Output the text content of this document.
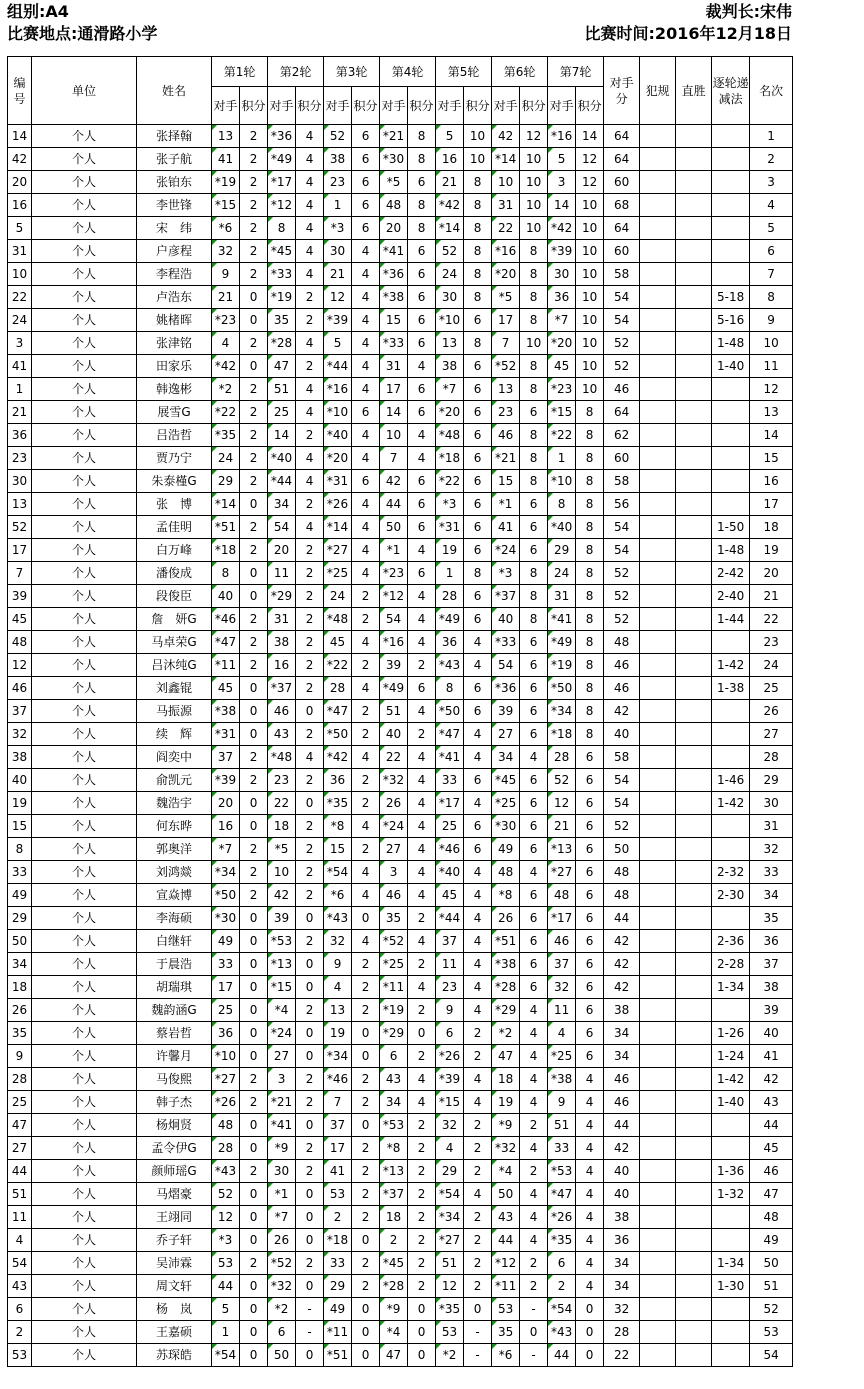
组别:A4	裁判长:宋伟
比赛地点:通滑路小学	比赛时间:2016年12月18日
编号	单位	姓名	第1轮		第2轮		第3轮		第4轮		第5轮		第6轮		第7轮		对手分	犯规	直胜	逐轮递减法	名次
			对手	积分	对手	积分	对手	积分	对手	积分	对手	积分	对手	积分	对手	积分					
14	个人	张择翰	13	2	*36	4	52	6	*21	8	5	10	42	12	*16	14	64				1
42	个人	张子航	41	2	*49	4	38	6	*30	8	16	10	*14	10	5	12	64				2
20	个人	张铂东	*19	2	*17	4	23	6	*5	6	21	8	10	10	3	12	60				3
16	个人	李世锋	*15	2	*12	4	1	6	48	8	*42	8	31	10	14	10	68				4
5	个人	宋　纬	*6	2	8	4	*3	6	20	8	*14	8	22	10	*42	10	64				5
31	个人	户彦程	32	2	*45	4	30	4	*41	6	52	8	*16	8	*39	10	60				6
10	个人	李程浩	9	2	*33	4	21	4	*36	6	24	8	*20	8	30	10	58				7
22	个人	卢浩东	21	0	*19	2	12	4	*38	6	30	8	*5	8	36	10	54			5-18	8
24	个人	姚楮晖	*23	0	35	2	*39	4	15	6	*10	6	17	8	*7	10	54			5-16	9
3	个人	张津铭	4	2	*28	4	5	4	*33	6	13	8	7	10	*20	10	52			1-48	10
41	个人	田家乐	*42	0	47	2	*44	4	31	4	38	6	*52	8	45	10	52			1-40	11
1	个人	韩逸彬	*2	2	51	4	*16	4	17	6	*7	6	13	8	*23	10	46				12
21	个人	展雪G	*22	2	25	4	*10	6	14	6	*20	6	23	6	*15	8	64				13
36	个人	吕浩哲	*35	2	14	2	*40	4	10	4	*48	6	46	8	*22	8	62				14
23	个人	贾乃宁	24	2	*40	4	*20	4	7	4	*18	6	*21	8	1	8	60				15
30	个人	朱泰槿G	29	2	*44	4	*31	6	42	6	*22	6	15	8	*10	8	58				16
13	个人	张　博	*14	0	34	2	*26	4	44	6	*3	6	*1	6	8	8	56				17
52	个人	孟佳明	*51	2	54	4	*14	4	50	6	*31	6	41	6	*40	8	54			1-50	18
17	个人	白万峰	*18	2	20	2	*27	4	*1	4	19	6	*24	6	29	8	54			1-48	19
7	个人	潘俊成	8	0	11	2	*25	4	*23	6	1	8	*3	8	24	8	52			2-42	20
39	个人	段俊臣	40	0	*29	2	24	2	*12	4	28	6	*37	8	31	8	52			2-40	21
45	个人	詹　妍G	*46	2	31	2	*48	2	54	4	*49	6	40	8	*41	8	52			1-44	22
48	个人	马卓荣G	*47	2	38	2	45	4	*16	4	36	4	*33	6	*49	8	48				23
12	个人	吕沐纯G	*11	2	16	2	*22	2	39	2	*43	4	54	6	*19	8	46			1-42	24
46	个人	刘鑫锟	45	0	*37	2	28	4	*49	6	8	6	*36	6	*50	8	46			1-38	25
37	个人	马振源	*38	0	46	0	*47	2	51	4	*50	6	39	6	*34	8	42				26
32	个人	续　辉	*31	0	43	2	*50	2	40	2	*47	4	27	6	*18	8	40				27
38	个人	阎奕中	37	2	*48	4	*42	4	22	4	*41	4	34	4	28	6	58				28
40	个人	俞凯元	*39	2	23	2	36	2	*32	4	33	6	*45	6	52	6	54			1-46	29
19	个人	魏浩宇	20	0	22	0	*35	2	26	4	*17	4	*25	6	12	6	54			1-42	30
15	个人	何东晔	16	0	18	2	*8	4	*24	4	25	6	*30	6	21	6	52				31
8	个人	郭奥洋	*7	2	*5	2	15	2	27	4	*46	6	49	6	*13	6	50				32
33	个人	刘鸿燚	*34	2	10	2	*54	4	3	4	*40	4	48	4	*27	6	48			2-32	33
49	个人	宣焱博	*50	2	42	2	*6	4	46	4	45	4	*8	6	48	6	48			2-30	34
29	个人	李海硕	*30	0	39	0	*43	0	35	2	*44	4	26	6	*17	6	44				35
50	个人	白继轩	49	0	*53	2	32	4	*52	4	37	4	*51	6	46	6	42			2-36	36
34	个人	于晨浩	33	0	*13	0	9	2	*25	2	11	4	*38	6	37	6	42			2-28	37
18	个人	胡瑞琪	17	0	*15	0	4	2	*11	4	23	4	*28	6	32	6	42			1-34	38
26	个人	魏韵涵G	25	0	*4	2	13	2	*19	2	9	4	*29	4	11	6	38				39
35	个人	蔡岩哲	36	0	*24	0	19	0	*29	0	6	2	*2	4	4	6	34			1-26	40
9	个人	许馨月	*10	0	27	0	*34	0	6	2	*26	2	47	4	*25	6	34			1-24	41
28	个人	马俊熙	*27	2	3	2	*46	2	43	4	*39	4	18	4	*38	4	46			1-42	42
25	个人	韩子杰	*26	2	*21	2	7	2	34	4	*15	4	19	4	9	4	46			1-40	43
47	个人	杨炯贤	48	0	*41	0	37	0	*53	2	32	2	*9	2	51	4	44				44
27	个人	孟令伊G	28	0	*9	2	17	2	*8	2	4	2	*32	4	33	4	42				45
44	个人	颜师瑶G	*43	2	30	2	41	2	*13	2	29	2	*4	2	*53	4	40			1-36	46
51	个人	马熠豪	52	0	*1	0	53	2	*37	2	*54	4	50	4	*47	4	40			1-32	47
11	个人	王翊同	12	0	*7	0	2	2	18	2	*34	2	43	4	*26	4	38				48
4	个人	乔子轩	*3	0	26	0	*18	0	2	2	*27	2	44	4	*35	4	36				49
54	个人	吴沛霖	53	2	*52	2	33	2	*45	2	51	2	*12	2	6	4	34			1-34	50
43	个人	周文轩	44	0	*32	0	29	2	*28	2	12	2	*11	2	2	4	34			1-30	51
6	个人	杨　岚	5	0	*2	-	49	0	*9	0	*35	0	53	-	*54	0	32				52
2	个人	王嘉硕	1	0	6	-	*11	0	*4	0	53	-	35	0	*43	0	28				53
53	个人	苏琛皓	*54	0	50	0	*51	0	47	0	*2	-	*6	-	44	0	22				54
